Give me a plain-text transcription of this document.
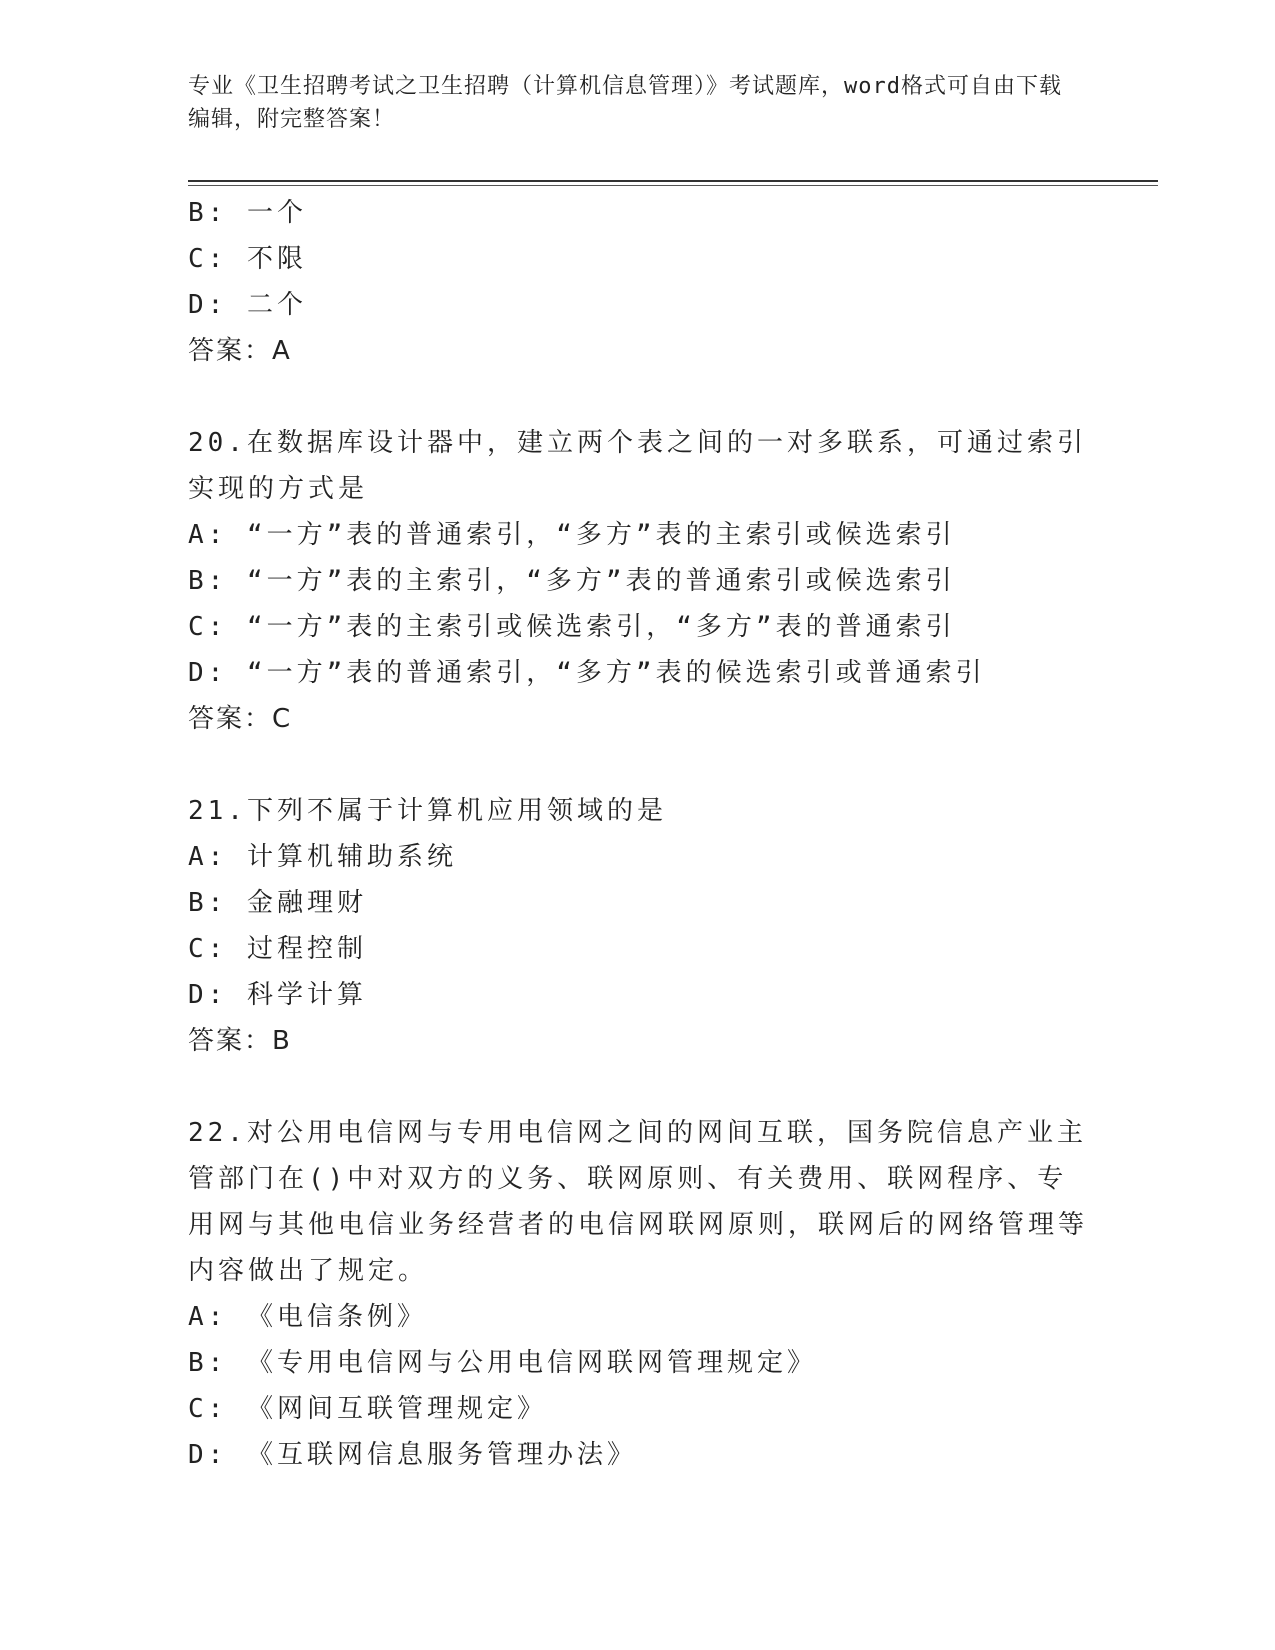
专业《卫生招聘考试之卫生招聘（计算机信息管理）》考试题库，word格式可自由下载编辑，附完整答案！
B: 一个
C: 不限
D: 二个
答案：A
20.在数据库设计器中，建立两个表之间的一对多联系，可通过索引实现的方式是
A: “一方”表的普通索引，“多方”表的主索引或候选索引
B: “一方”表的主索引，“多方”表的普通索引或候选索引
C: “一方”表的主索引或候选索引，“多方”表的普通索引
D: “一方”表的普通索引，“多方”表的候选索引或普通索引
答案：C
21.下列不属于计算机应用领域的是
A: 计算机辅助系统
B: 金融理财
C: 过程控制
D: 科学计算
答案：B
22.对公用电信网与专用电信网之间的网间互联，国务院信息产业主管部门在()中对双方的义务、联网原则、有关费用、联网程序、专用网与其他电信业务经营者的电信网联网原则，联网后的网络管理等内容做出了规定。
A: 《电信条例》
B: 《专用电信网与公用电信网联网管理规定》
C: 《网间互联管理规定》
D: 《互联网信息服务管理办法》
